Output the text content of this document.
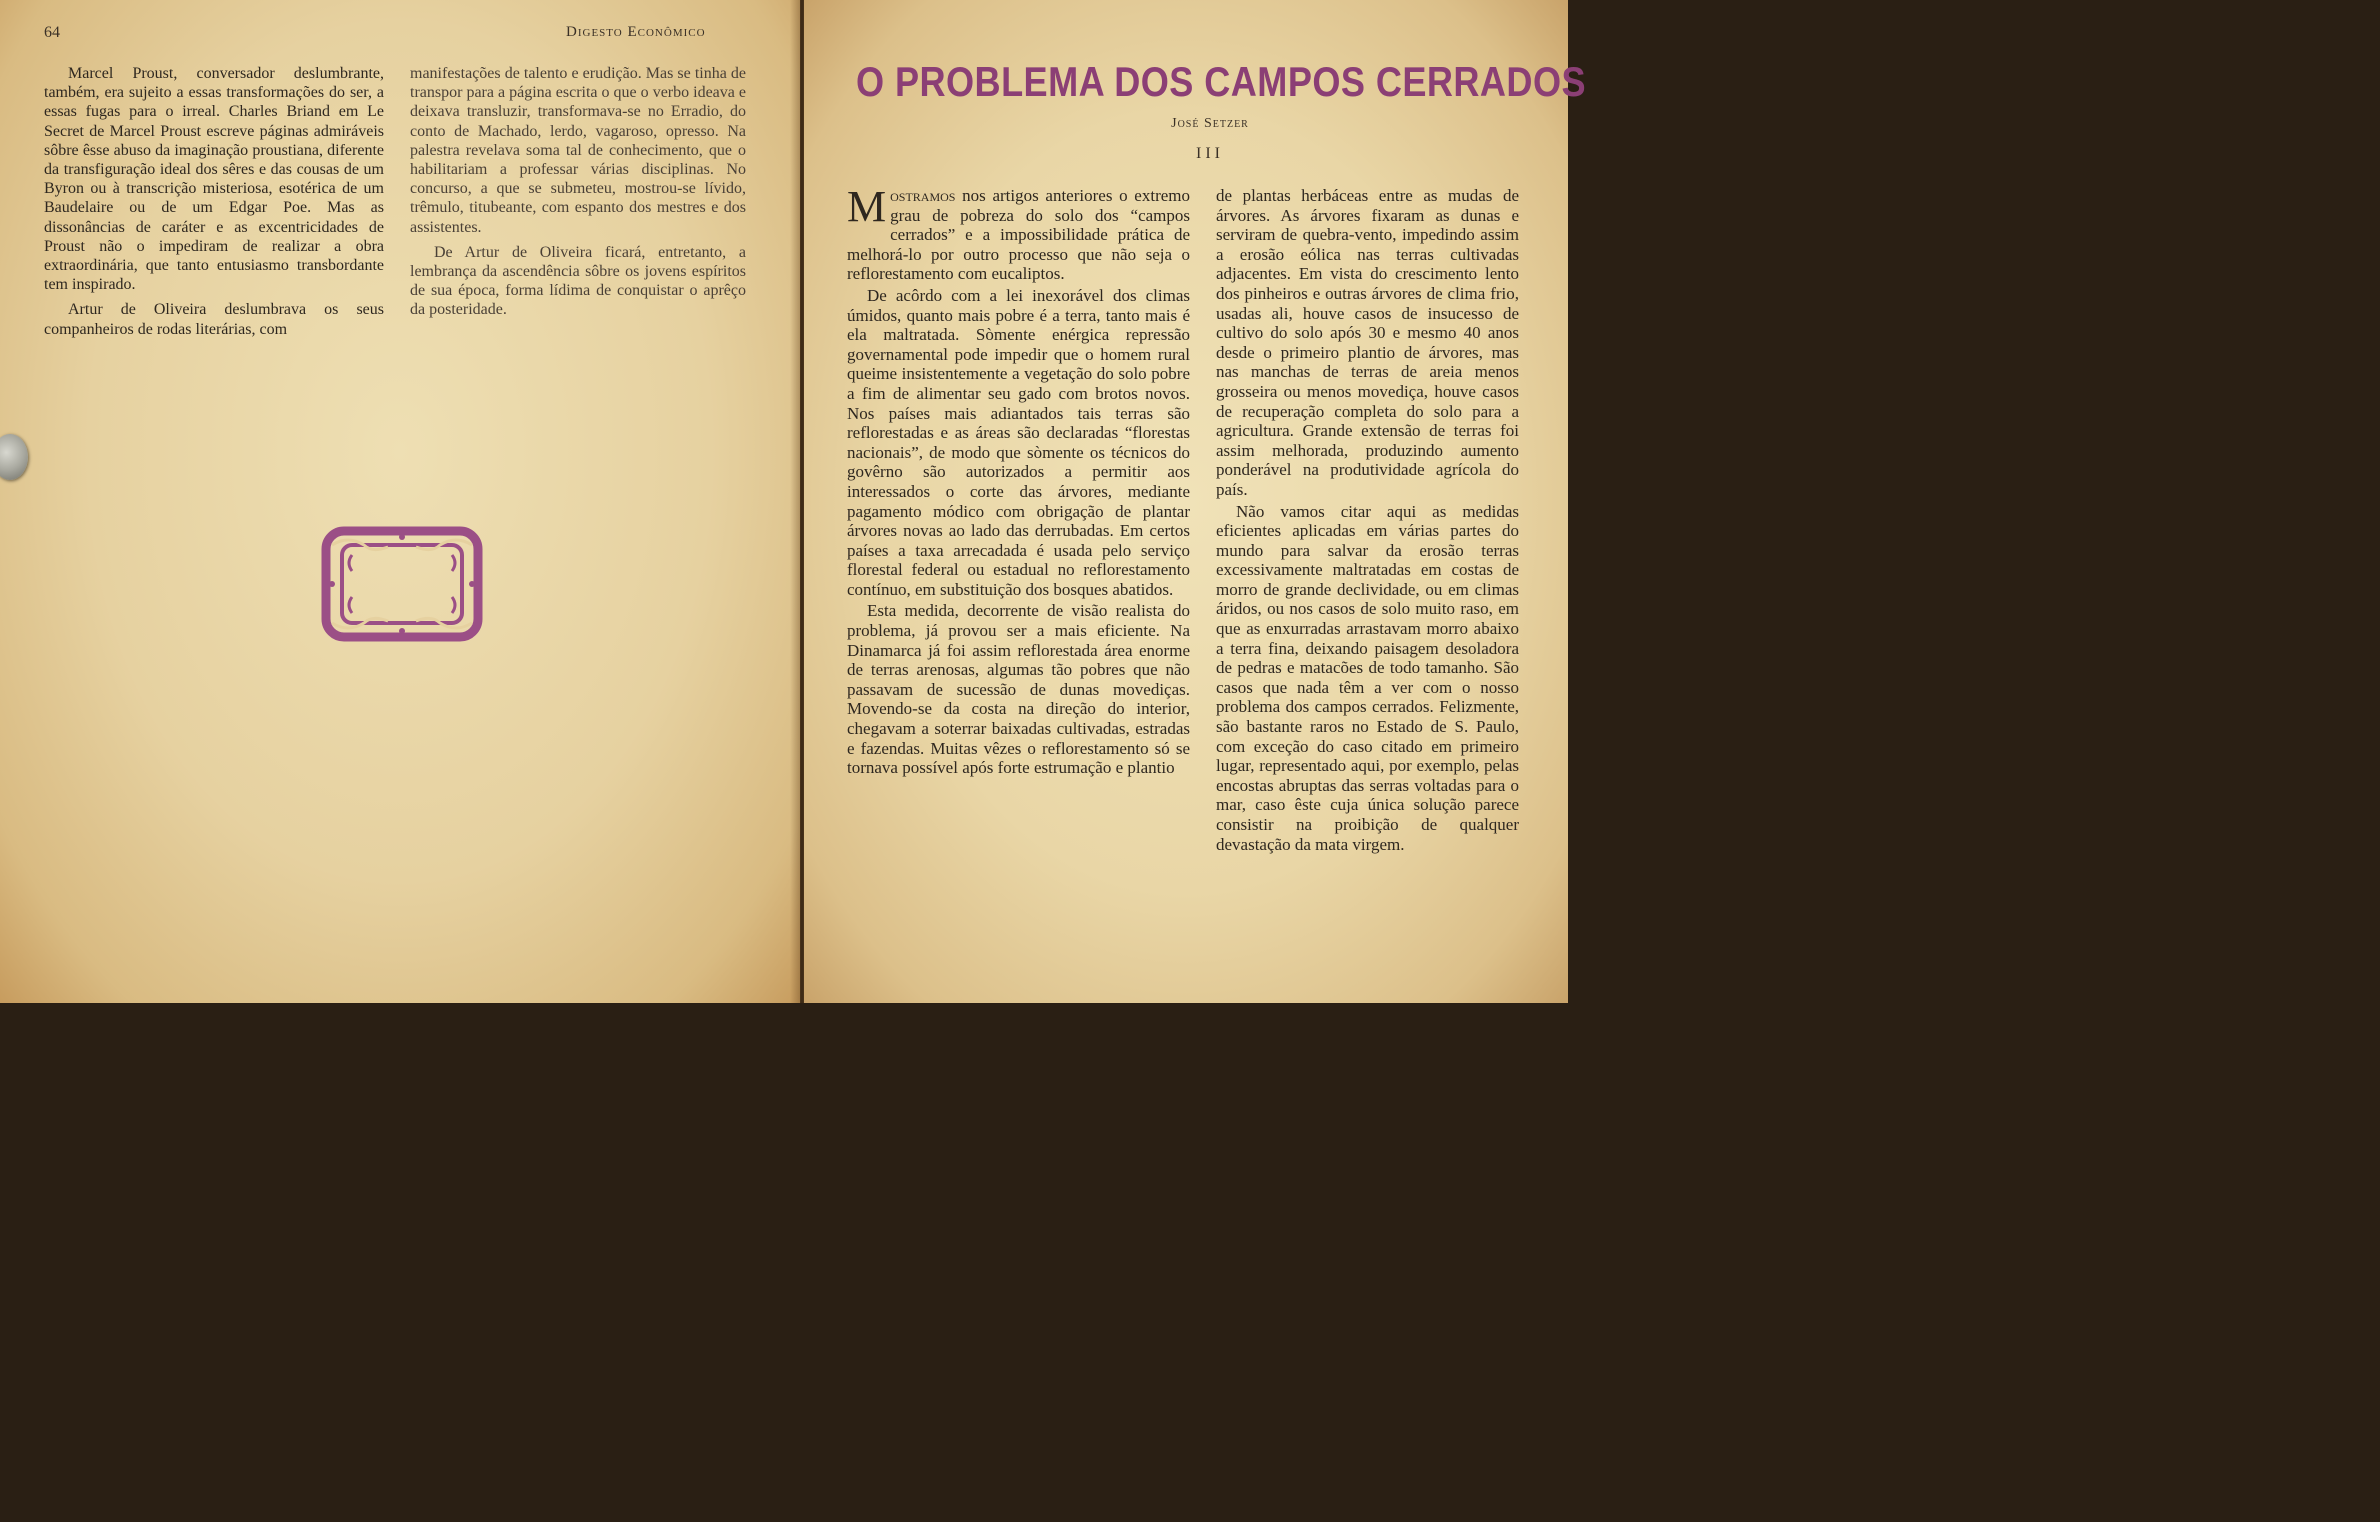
64	Digesto Econômico

Marcel Proust, conversador deslumbrante, também, era sujeito a essas transformações do ser, a essas fugas para o irreal. Charles Briand em Le Secret de Marcel Proust escreve páginas admiráveis sôbre êsse abuso da imaginação proustiana, diferente da transfiguração ideal dos sêres e das cousas de um Byron ou à transcrição misteriosa, esotérica de um Baudelaire ou de um Edgar Poe. Mas as dissonâncias de caráter e as excentricidades de Proust não o impediram de realizar a obra extraordinária, que tanto entusiasmo transbordante tem inspirado.

Artur de Oliveira deslumbrava os seus companheiros de rodas literárias, com

manifestações de talento e erudição. Mas se tinha de transpor para a página escrita o que o verbo ideava e deixava transluzir, transformava-se no Erradio, do conto de Machado, lerdo, vagaroso, opresso. Na palestra revelava soma tal de conhecimento, que o habilitariam a professar várias disciplinas. No concurso, a que se submeteu, mostrou-se lívido, trêmulo, titubeante, com espanto dos mestres e dos assistentes.

De Artur de Oliveira ficará, entretanto, a lembrança da ascendência sôbre os jovens espíritos de sua época, forma lídima de conquistar o aprêço da posteridade.

O PROBLEMA DOS CAMPOS CERRADOS
José Setzer
III

Mostramos nos artigos anteriores o extremo grau de pobreza do solo dos “campos cerrados” e a impossibilidade prática de melhorá-lo por outro processo que não seja o reflorestamento com eucaliptos.

De acôrdo com a lei inexorável dos climas úmidos, quanto mais pobre é a terra, tanto mais é ela maltratada. Sòmente enérgica repressão governamental pode impedir que o homem rural queime insistentemente a vegetação do solo pobre a fim de alimentar seu gado com brotos novos. Nos países mais adiantados tais terras são reflorestadas e as áreas são declaradas “florestas nacionais”, de modo que sòmente os técnicos do govêrno são autorizados a permitir aos interessados o corte das árvores, mediante pagamento módico com obrigação de plantar árvores novas ao lado das derrubadas. Em certos países a taxa arrecadada é usada pelo serviço florestal federal ou estadual no reflorestamento contínuo, em substituição dos bosques abatidos.

Esta medida, decorrente de visão realista do problema, já provou ser a mais eficiente. Na Dinamarca já foi assim reflorestada área enorme de terras arenosas, algumas tão pobres que não passavam de sucessão de dunas movediças. Movendo-se da costa na direção do interior, chegavam a soterrar baixadas cultivadas, estradas e fazendas. Muitas vêzes o reflorestamento só se tornava possível após forte estrumação e plantio

de plantas herbáceas entre as mudas de árvores. As árvores fixaram as dunas e serviram de quebra-vento, impedindo assim a erosão eólica nas terras cultivadas adjacentes. Em vista do crescimento lento dos pinheiros e outras árvores de clima frio, usadas ali, houve casos de insucesso de cultivo do solo após 30 e mesmo 40 anos desde o primeiro plantio de árvores, mas nas manchas de terras de areia menos grosseira ou menos movediça, houve casos de recuperação completa do solo para a agricultura. Grande extensão de terras foi assim melhorada, produzindo aumento ponderável na produtividade agrícola do país.

Não vamos citar aqui as medidas eficientes aplicadas em várias partes do mundo para salvar da erosão terras excessivamente maltratadas em costas de morro de grande declividade, ou em climas áridos, ou nos casos de solo muito raso, em que as enxurradas arrastavam morro abaixo a terra fina, deixando paisagem desoladora de pedras e matacões de todo tamanho. São casos que nada têm a ver com o nosso problema dos campos cerrados. Felizmente, são bastante raros no Estado de S. Paulo, com exceção do caso citado em primeiro lugar, representado aqui, por exemplo, pelas encostas abruptas das serras voltadas para o mar, caso êste cuja única solução parece consistir na proibição de qualquer devastação da mata virgem.
